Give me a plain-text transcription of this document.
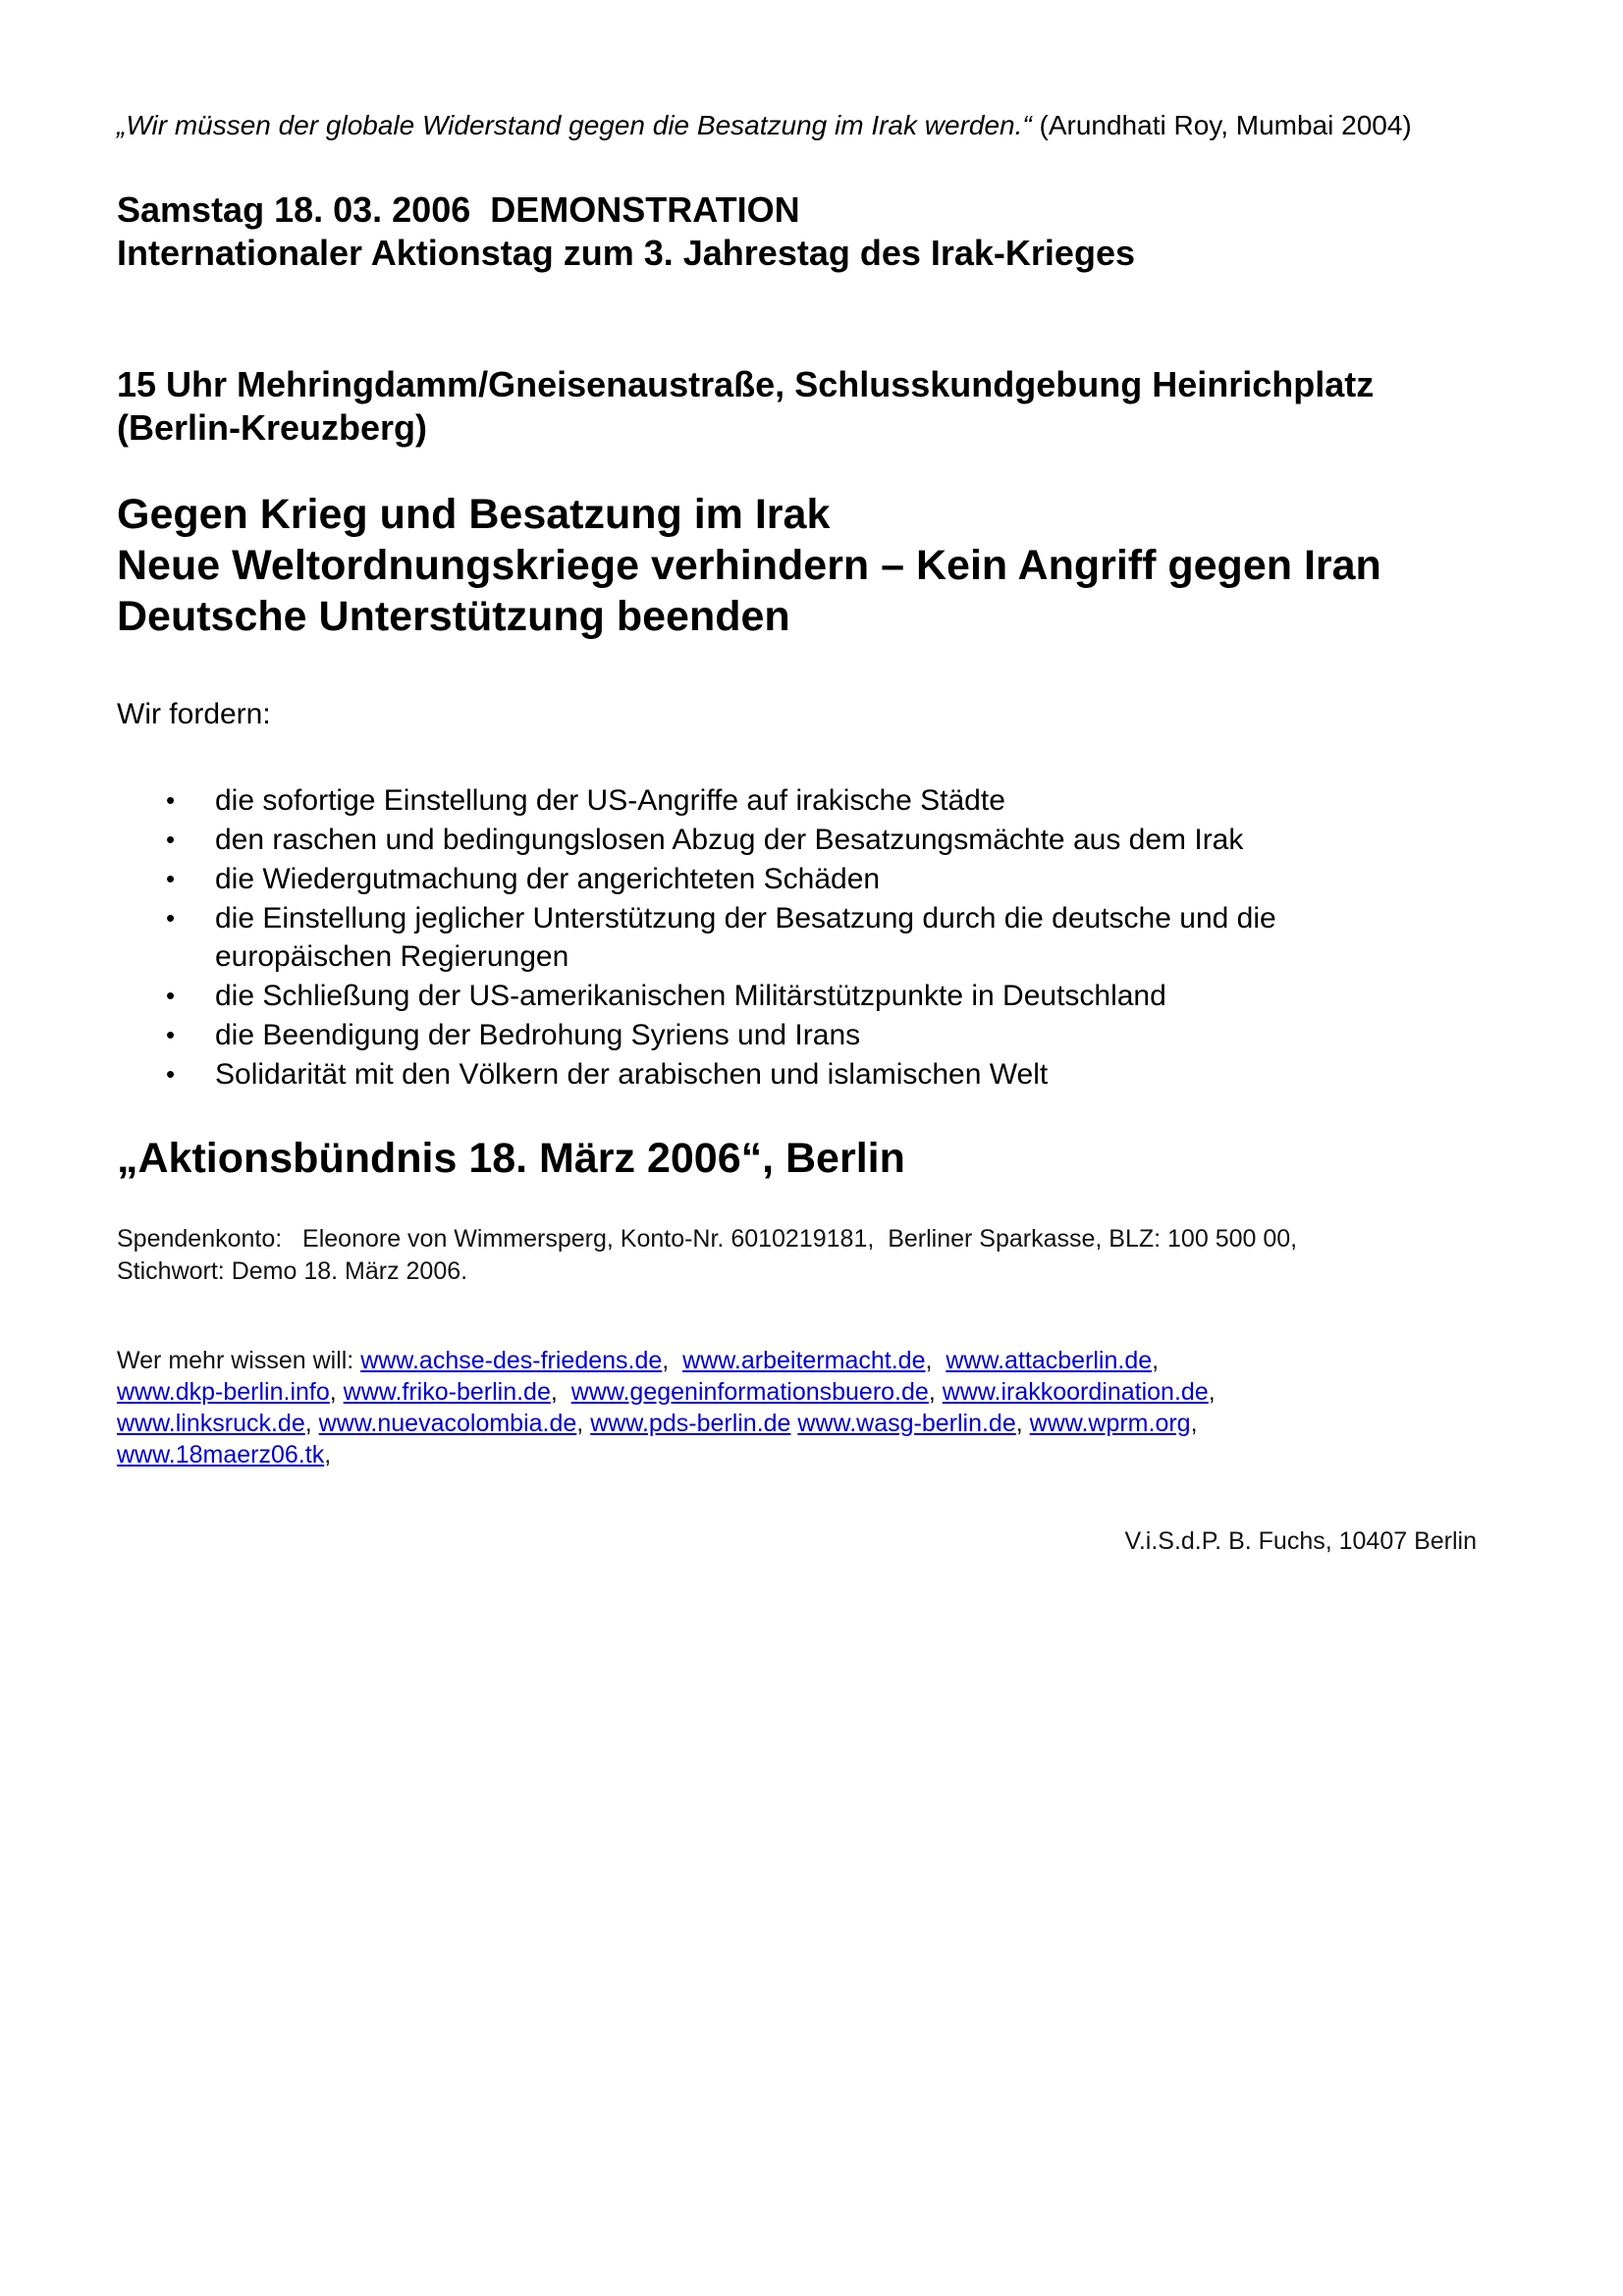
„Wir müssen der globale Widerstand gegen die Besatzung im Irak werden.“ (Arundhati Roy, Mumbai 2004)

Samstag 18. 03. 2006  DEMONSTRATION
Internationaler Aktionstag zum 3. Jahrestag des Irak-Krieges
15 Uhr Mehringdamm/Gneisenaustraße, Schlusskundgebung Heinrichplatz
(Berlin-Kreuzberg)
Gegen Krieg und Besatzung im Irak
Neue Weltordnungskriege verhindern – Kein Angriff gegen Iran
Deutsche Unterstützung beenden
Wir fordern:
• die sofortige Einstellung der US-Angriffe auf irakische Städte
• den raschen und bedingungslosen Abzug der Besatzungsmächte aus dem Irak
• die Wiedergutmachung der angerichteten Schäden
• die Einstellung jeglicher Unterstützung der Besatzung durch die deutsche und die
europäischen Regierungen
• die Schließung der US-amerikanischen Militärstützpunkte in Deutschland
• die Beendigung der Bedrohung Syriens und Irans
• Solidarität mit den Völkern der arabischen und islamischen Welt
„Aktionsbündnis 18. März 2006“, Berlin
Spendenkonto:   Eleonore von Wimmersperg, Konto-Nr. 6010219181,  Berliner Sparkasse, BLZ: 100 500 00,
Stichwort: Demo 18. März 2006.
Wer mehr wissen will: www.achse-des-friedens.de,  www.arbeitermacht.de,  www.attacberlin.de,
www.dkp-berlin.info, www.friko-berlin.de,  www.gegeninformationsbuero.de, www.irakkoordination.de,
www.linksruck.de, www.nuevacolombia.de, www.pds-berlin.de www.wasg-berlin.de, www.wprm.org,
www.18maerz06.tk,
V.i.S.d.P. B. Fuchs, 10407 Berlin
